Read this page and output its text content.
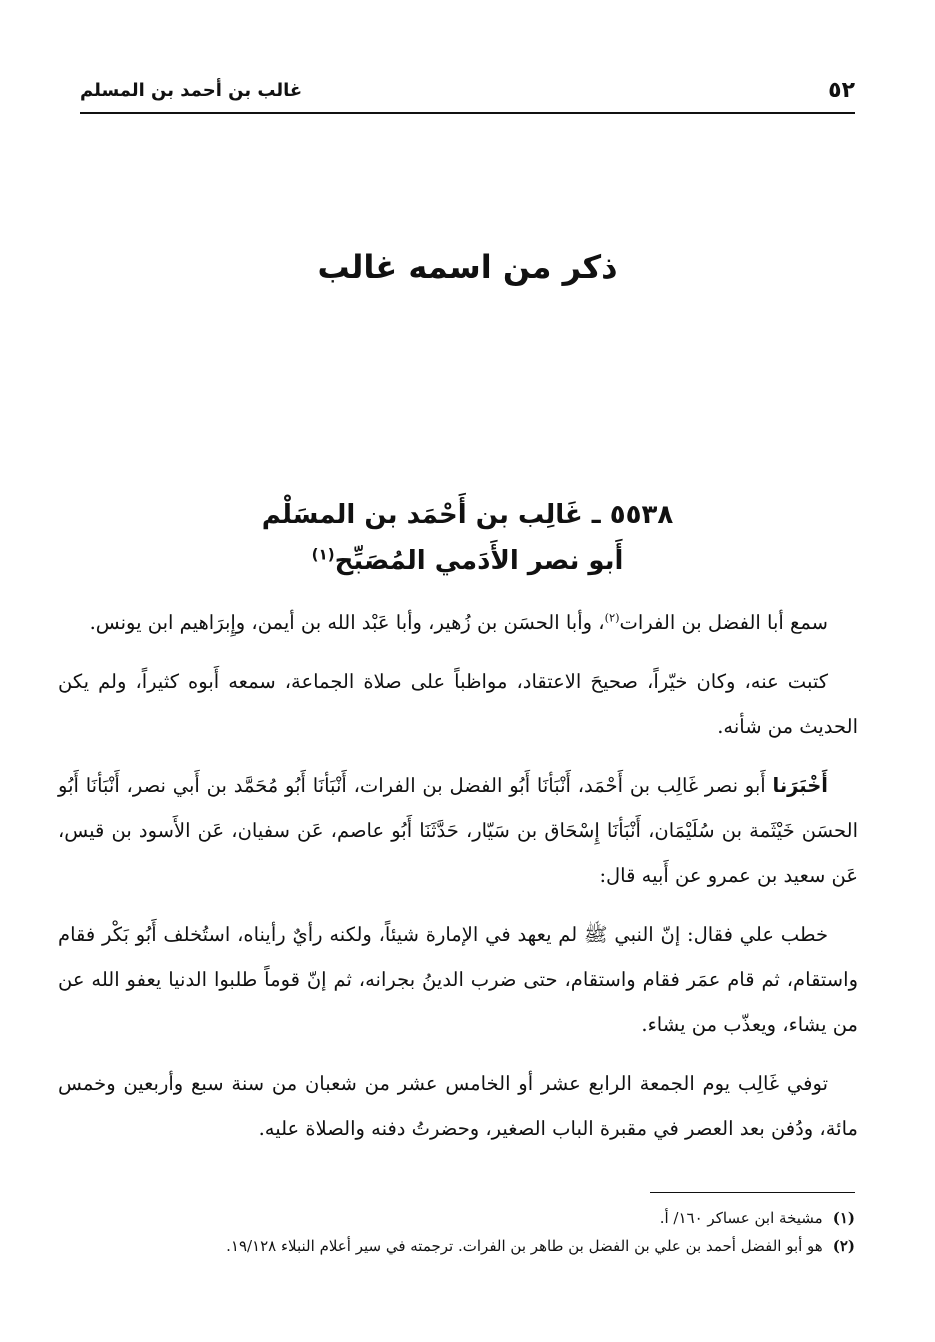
٥٢
غالب بن أحمد بن المسلم
ذكر من اسمه غالب
٥٥٣٨ ـ غَالِب بن أَحْمَد بن المسَلْم
أَبو نصر الأَدَمي المُصَبِّح$^{(١)}$

سمع أبا الفضل بن الفرات$^{(٢)}$، وأبا الحسَن بن زُهير، وأبا عَبْد الله بن أيمن، وإِبرَاهيم ابن يونس.

كتبت عنه، وكان خيّراً، صحيحَ الاعتقاد، مواظباً على صلاة الجماعة، سمعه أَبوه كثيراً، ولم يكن الحديث من شأنه.

أَخْبَرَنا أَبو نصر غَالِب بن أَحْمَد، أَنْبَأنَا أَبُو الفضل بن الفرات، أَنْبَأنَا أَبُو مُحَمَّد بن أَبي نصر، أَنْبَأنَا أَبُو الحسَن خَيْثَمة بن سُلَيْمَان، أَنْبَأنَا إِسْحَاق بن سَيّار، حَدَّثَنَا أَبُو عاصم، عَن سفيان، عَن الأَسود بن قيس، عَن سعيد بن عمرو عن أَبيه قال:

خطب علي فقال: إنّ النبي ﷺ لم يعهد في الإمارة شيئاً، ولكنه رأيٌ رأيناه، استُخلف أَبُو بَكْر فقام واستقام، ثم قام عمَر فقام واستقام، حتى ضرب الدينُ بجرانه، ثم إنّ قوماً طلبوا الدنيا يعفو الله عن من يشاء، ويعذّب من يشاء.

توفي غَالِب يوم الجمعة الرابع عشر أو الخامس عشر من شعبان من سنة سبع وأربعين وخمس مائة، ودُفن بعد العصر في مقبرة الباب الصغير، وحضرتُ دفنه والصلاة عليه.

(١)مشيخة ابن عساكر ١٦٠/ أ.
(٢)هو أبو الفضل أحمد بن علي بن الفضل بن طاهر بن الفرات. ترجمته في سير أعلام النبلاء ١٩/١٢٨.
